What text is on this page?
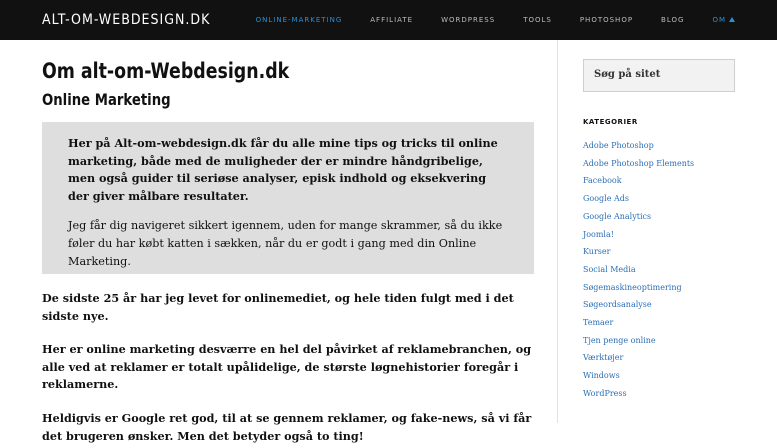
ALT-OM-WEBDESIGN.DK	ONLINE-MARKETING	AFFILIATE	WORDPRESS	TOOLS	PHOTOSHOP	BLOG	OM
Om alt-om-Webdesign.dk
Online Marketing

Her på Alt-om-webdesign.dk får du alle mine tips og tricks til online marketing, både med de muligheder der er mindre håndgribelige, men også guider til seriøse analyser, episk indhold og eksekvering der giver målbare resultater.

Jeg får dig navigeret sikkert igennem, uden for mange skrammer, så du ikke føler du har købt katten i sækken, når du er godt i gang med din Online Marketing.

De sidste 25 år har jeg levet for onlinemediet, og hele tiden fulgt med i det sidste nye.

Her er online marketing desværre en hel del påvirket af reklamebranchen, og alle ved at reklamer er totalt upålidelige, de største løgnehistorier foregår i reklamerne.

Heldigvis er Google ret god, til at se gennem reklamer, og fake-news, så vi får det brugeren ønsker. Men det betyder også to ting!

Søg på sitet
KATEGORIER
Adobe Photoshop
Adobe Photoshop Elements
Facebook
Google Ads
Google Analytics
Joomla!
Kurser
Social Media
Søgemaskineoptimering
Søgeordsanalyse
Temaer
Tjen penge online
Værktøjer
Windows
WordPress
